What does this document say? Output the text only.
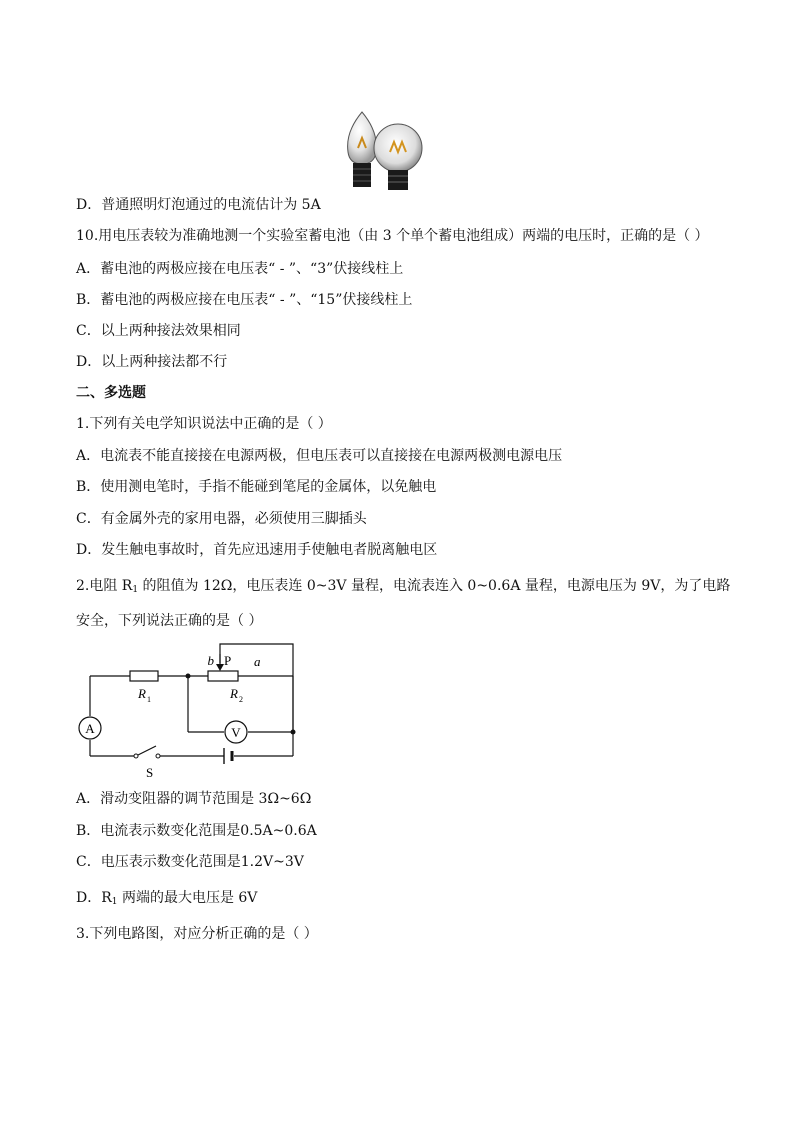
D．普通照明灯泡通过的电流估计为 5A
10.用电压表较为准确地测一个实验室蓄电池（由 3 个单个蓄电池组成）两端的电压时，正确的是（ ）
A．蓄电池的两极应接在电压表“ - ”、“3”伏接线柱上
B．蓄电池的两极应接在电压表“ - ”、“15”伏接线柱上
C．以上两种接法效果相同
D．以上两种接法都不行
二、多选题
1.下列有关电学知识说法中正确的是（ ）
A．电流表不能直接接在电源两极，但电压表可以直接接在电源两极测电源电压
B．使用测电笔时，手指不能碰到笔尾的金属体，以免触电
C．有金属外壳的家用电器，必须使用三脚插头
D．发生触电事故时，首先应迅速用手使触电者脱离触电区
2.电阻 $R_1$ 的阻值为 12Ω，电压表连 0~3V 量程，电流表连入 0~0.6A 量程，电源电压为 9V，为了电路
安全，下列说法正确的是（ ）
A	V
b P a
R 1	R 2
S
A．滑动变阻器的调节范围是 3Ω~6Ω
B．电流表示数变化范围是0.5A~0.6A
C．电压表示数变化范围是1.2V~3V
D．$R_1$ 两端的最大电压是 6V
3.下列电路图，对应分析正确的是（ ）
